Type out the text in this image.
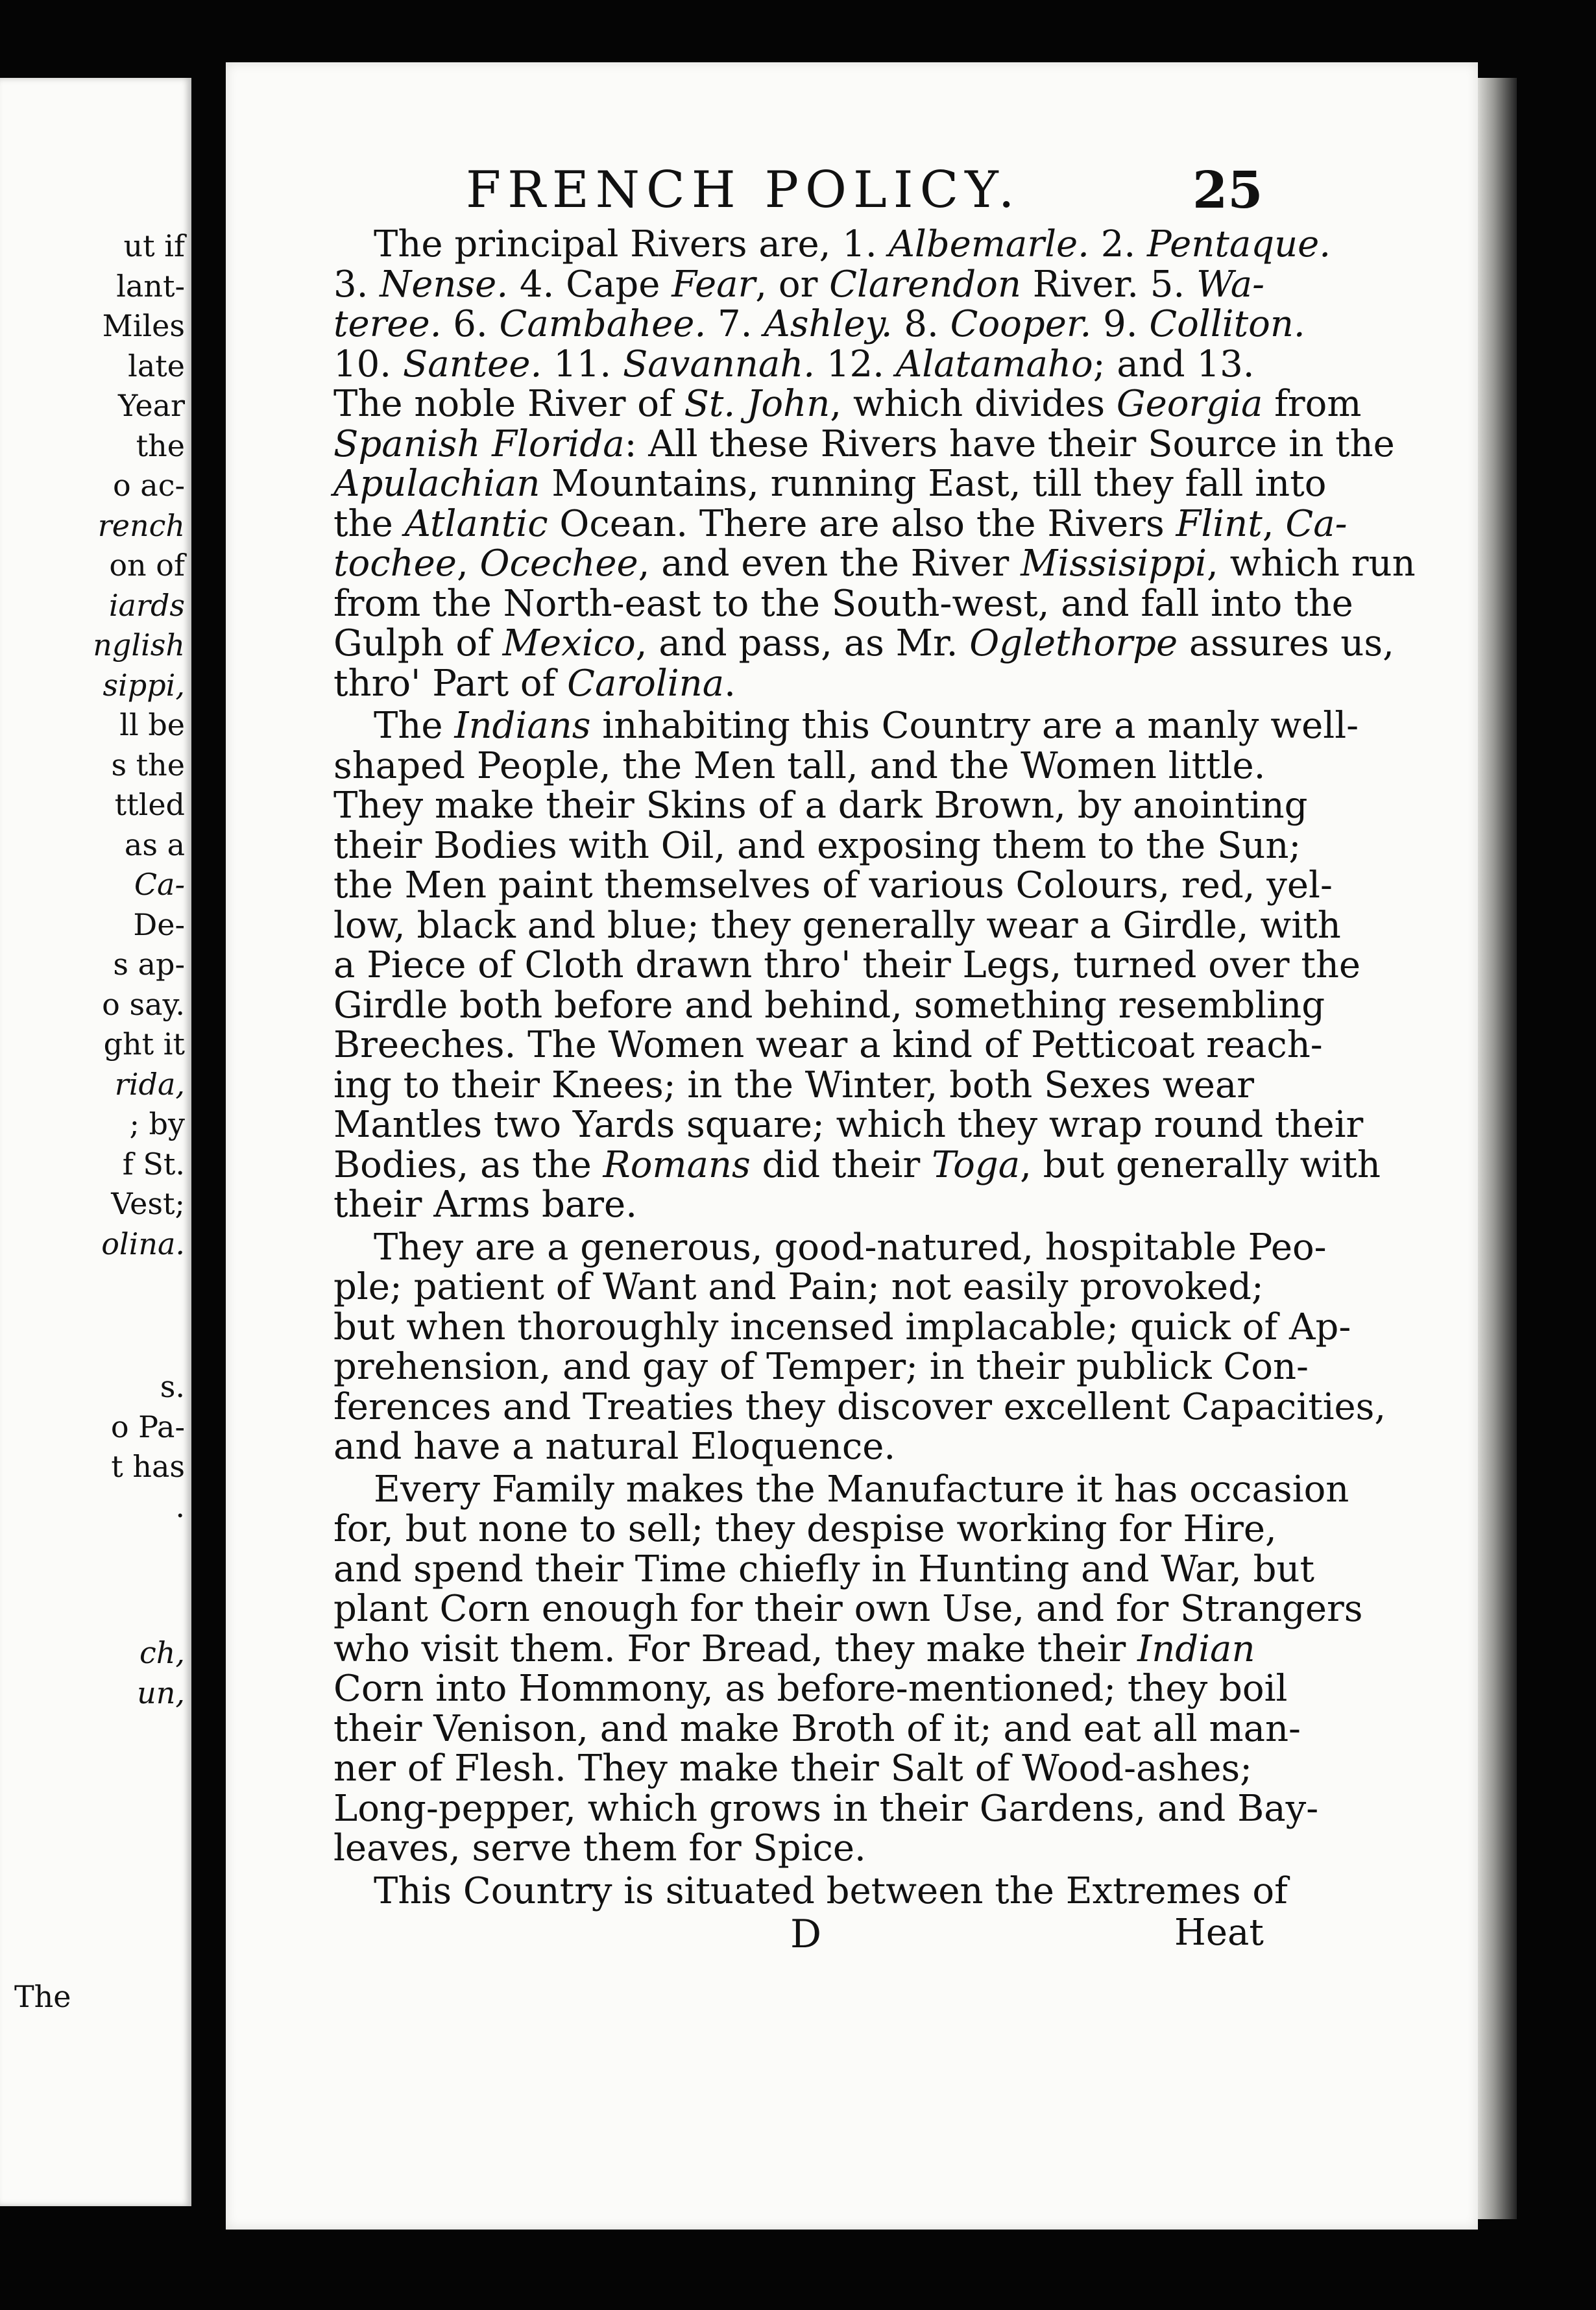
ut if
lant-
Miles
late
Year
the
o ac-
rench
on of
iards
nglish
sippi,
ll be
s the
ttled
as a
Ca-
De-
s ap-
o say.
ght it
rida,
; by
f St.
Vest;
olina.
s.
o Pa-
t has
.
ch,
un,
The
FRENCH POLICY.	25
The principal Rivers are, 1. Albemarle. 2. Pentaque.
3. Nense. 4. Cape Fear, or Clarendon River. 5. Wa-
teree. 6. Cambahee. 7. Ashley. 8. Cooper. 9. Colliton.
10. Santee. 11. Savannah. 12. Alatamaho; and 13.
The noble River of St. John, which divides Georgia from
Spanish Florida: All these Rivers have their Source in the
Apulachian Mountains, running East, till they fall into
the Atlantic Ocean. There are also the Rivers Flint, Ca-
tochee, Ocechee, and even the River Missisippi, which run
from the North-east to the South-west, and fall into the
Gulph of Mexico, and pass, as Mr. Oglethorpe assures us,
thro' Part of Carolina.
The Indians inhabiting this Country are a manly well-
shaped People, the Men tall, and the Women little.
They make their Skins of a dark Brown, by anointing
their Bodies with Oil, and exposing them to the Sun;
the Men paint themselves of various Colours, red, yel-
low, black and blue; they generally wear a Girdle, with
a Piece of Cloth drawn thro' their Legs, turned over the
Girdle both before and behind, something resembling
Breeches. The Women wear a kind of Petticoat reach-
ing to their Knees; in the Winter, both Sexes wear
Mantles two Yards square; which they wrap round their
Bodies, as the Romans did their Toga, but generally with
their Arms bare.
They are a generous, good-natured, hospitable Peo-
ple; patient of Want and Pain; not easily provoked;
but when thoroughly incensed implacable; quick of Ap-
prehension, and gay of Temper; in their publick Con-
ferences and Treaties they discover excellent Capacities,
and have a natural Eloquence.
Every Family makes the Manufacture it has occasion
for, but none to sell; they despise working for Hire,
and spend their Time chiefly in Hunting and War, but
plant Corn enough for their own Use, and for Strangers
who visit them. For Bread, they make their Indian
Corn into Hommony, as before-mentioned; they boil
their Venison, and make Broth of it; and eat all man-
ner of Flesh. They make their Salt of Wood-ashes;
Long-pepper, which grows in their Gardens, and Bay-
leaves, serve them for Spice.
This Country is situated between the Extremes of
D	Heat
